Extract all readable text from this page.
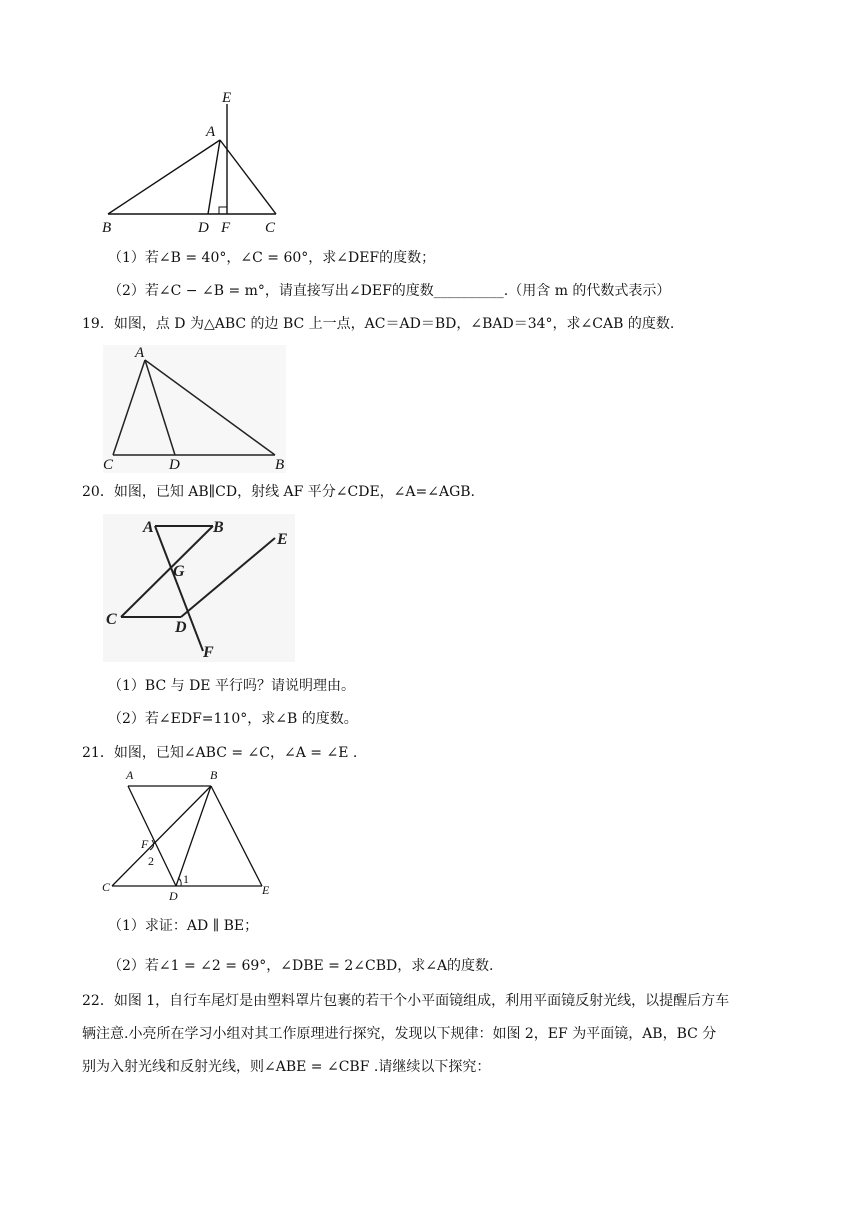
E
A
B	D F C
（1）若∠B = 40°，∠C = 60°，求∠DEF的度数；
（2）若∠C − ∠B = m°，请直接写出∠DEF的度数__________.（用含 m 的代数式表示）
19．如图，点 D 为△ABC 的边 BC 上一点，AC＝AD＝BD，∠BAD＝34°，求∠CAB 的度数.
A
C	D	B
20．如图，已知 AB∥CD，射线 AF 平分∠CDE，∠A=∠AGB.
A	B
G
E
C	D
F
（1）BC 与 DE 平行吗？请说明理由。
（2）若∠EDF=110°，求∠B 的度数。
21．如图，已知∠ABC = ∠C，∠A = ∠E .
A	B
F
2
1
C
D	E
（1）求证：AD ∥ BE；
（2）若∠1 = ∠2 = 69°，∠DBE = 2∠CBD，求∠A的度数.
22．如图 1，自行车尾灯是由塑料罩片包裹的若干个小平面镜组成，利用平面镜反射光线，以提醒后方车
辆注意.小亮所在学习小组对其工作原理进行探究，发现以下规律：如图 2，EF 为平面镜，AB，BC 分
别为入射光线和反射光线，则∠ABE = ∠CBF .请继续以下探究：
